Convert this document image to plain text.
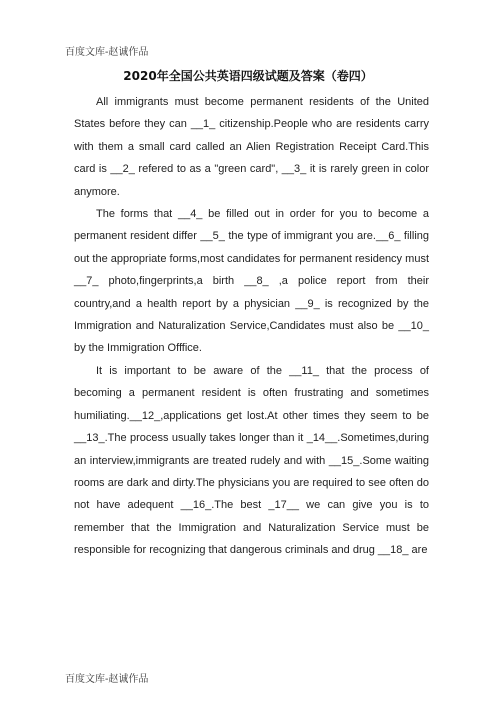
百度文库-赵诚作品
2020年全国公共英语四级试题及答案（卷四）

All immigrants must become permanent residents of the United States before they can __1_ citizenship.People who are residents carry with them a small card called an Alien Registration Receipt Card.This card is __2_ refered to as a "green card", __3_ it is rarely green in color anymore.

The forms that __4_ be filled out in order for you to become a permanent resident differ __5_ the type of immigrant you are.__6_ filling out the appropriate forms,most candidates for permanent residency must __7_ photo,fingerprints,a birth __8_ ,a police report from their country,and a health report by a physician __9_ is recognized by the Immigration and Naturalization Service,Candidates must also be __10_ by the Immigration Offfice.

It is important to be aware of the __11_ that the process of becoming a permanent resident is often frustrating and sometimes humiliating.__12_,applications get lost.At other times they seem to be __13_.The process usually takes longer than it _14__.Sometimes,during an interview,immigrants are treated rudely and with __15_.Some waiting rooms are dark and dirty.The physicians you are required to see often do not have adequent __16_.The best _17__ we can give you is to remember that the Immigration and Naturalization Service must be responsible for recognizing that dangerous criminals and drug __18_ are

百度文库-赵诚作品
